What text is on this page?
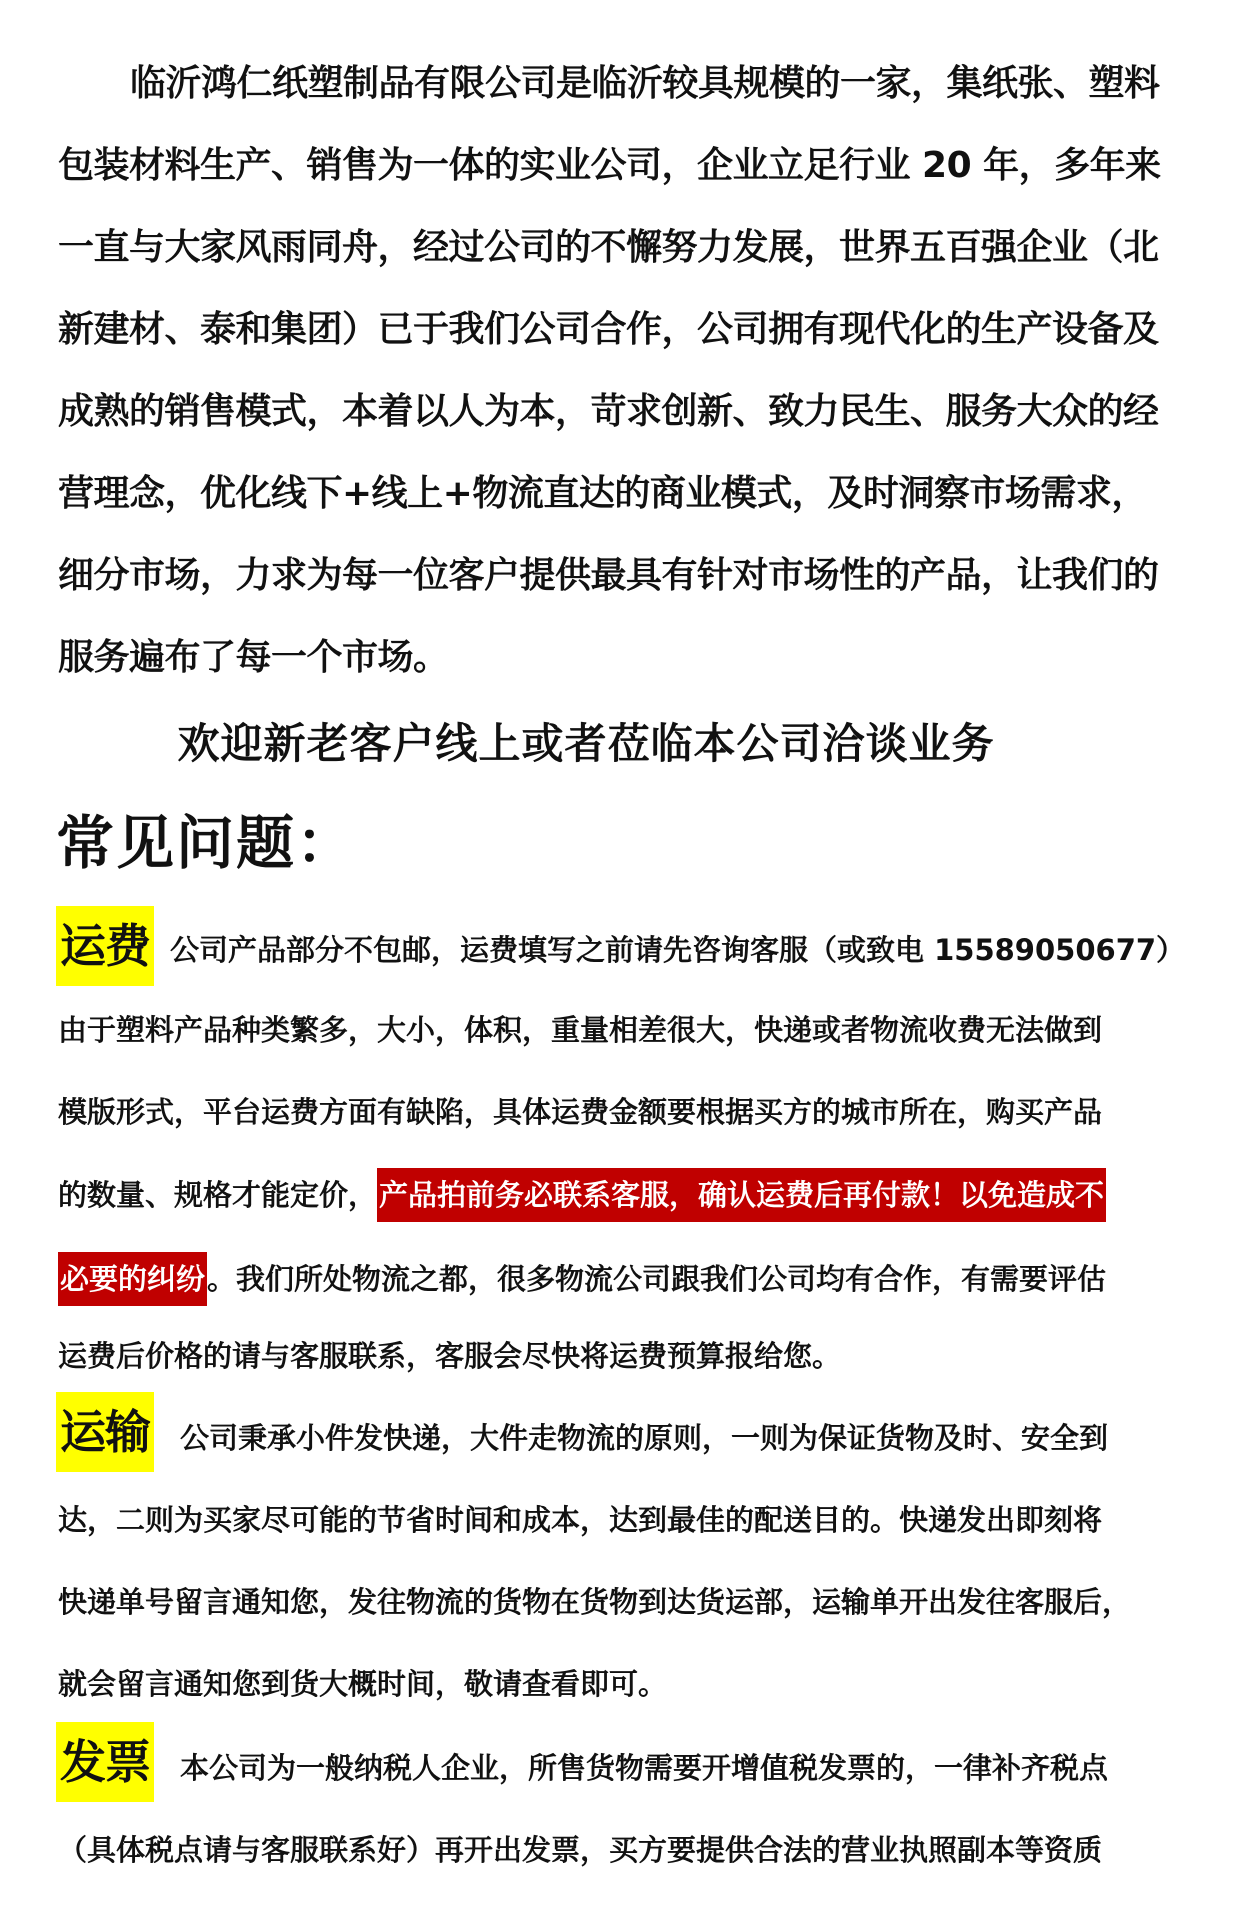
临沂鸿仁纸塑制品有限公司是临沂较具规模的一家，集纸张、塑料
包装材料生产、销售为一体的实业公司，企业立足行业 20 年，多年来
一直与大家风雨同舟，经过公司的不懈努力发展，世界五百强企业（北
新建材、泰和集团）已于我们公司合作，公司拥有现代化的生产设备及
成熟的销售模式，本着以人为本，苛求创新、致力民生、服务大众的经
营理念，优化线下+线上+物流直达的商业模式，及时洞察市场需求，
细分市场，力求为每一位客户提供最具有针对市场性的产品，让我们的
服务遍布了每一个市场。
欢迎新老客户线上或者莅临本公司洽谈业务
常见问题：
运费 公司产品部分不包邮，运费填写之前请先咨询客服（或致电 15589050677）
由于塑料产品种类繁多，大小，体积，重量相差很大，快递或者物流收费无法做到
模版形式，平台运费方面有缺陷，具体运费金额要根据买方的城市所在，购买产品
的数量、规格才能定价，产品拍前务必联系客服，确认运费后再付款！以免造成不
必要的纠纷。我们所处物流之都，很多物流公司跟我们公司均有合作，有需要评估
运费后价格的请与客服联系，客服会尽快将运费预算报给您。
运输 公司秉承小件发快递，大件走物流的原则，一则为保证货物及时、安全到
达，二则为买家尽可能的节省时间和成本，达到最佳的配送目的。快递发出即刻将
快递单号留言通知您，发往物流的货物在货物到达货运部，运输单开出发往客服后，
就会留言通知您到货大概时间，敬请查看即可。
发票 本公司为一般纳税人企业，所售货物需要开增值税发票的，一律补齐税点
（具体税点请与客服联系好）再开出发票，买方要提供合法的营业执照副本等资质
